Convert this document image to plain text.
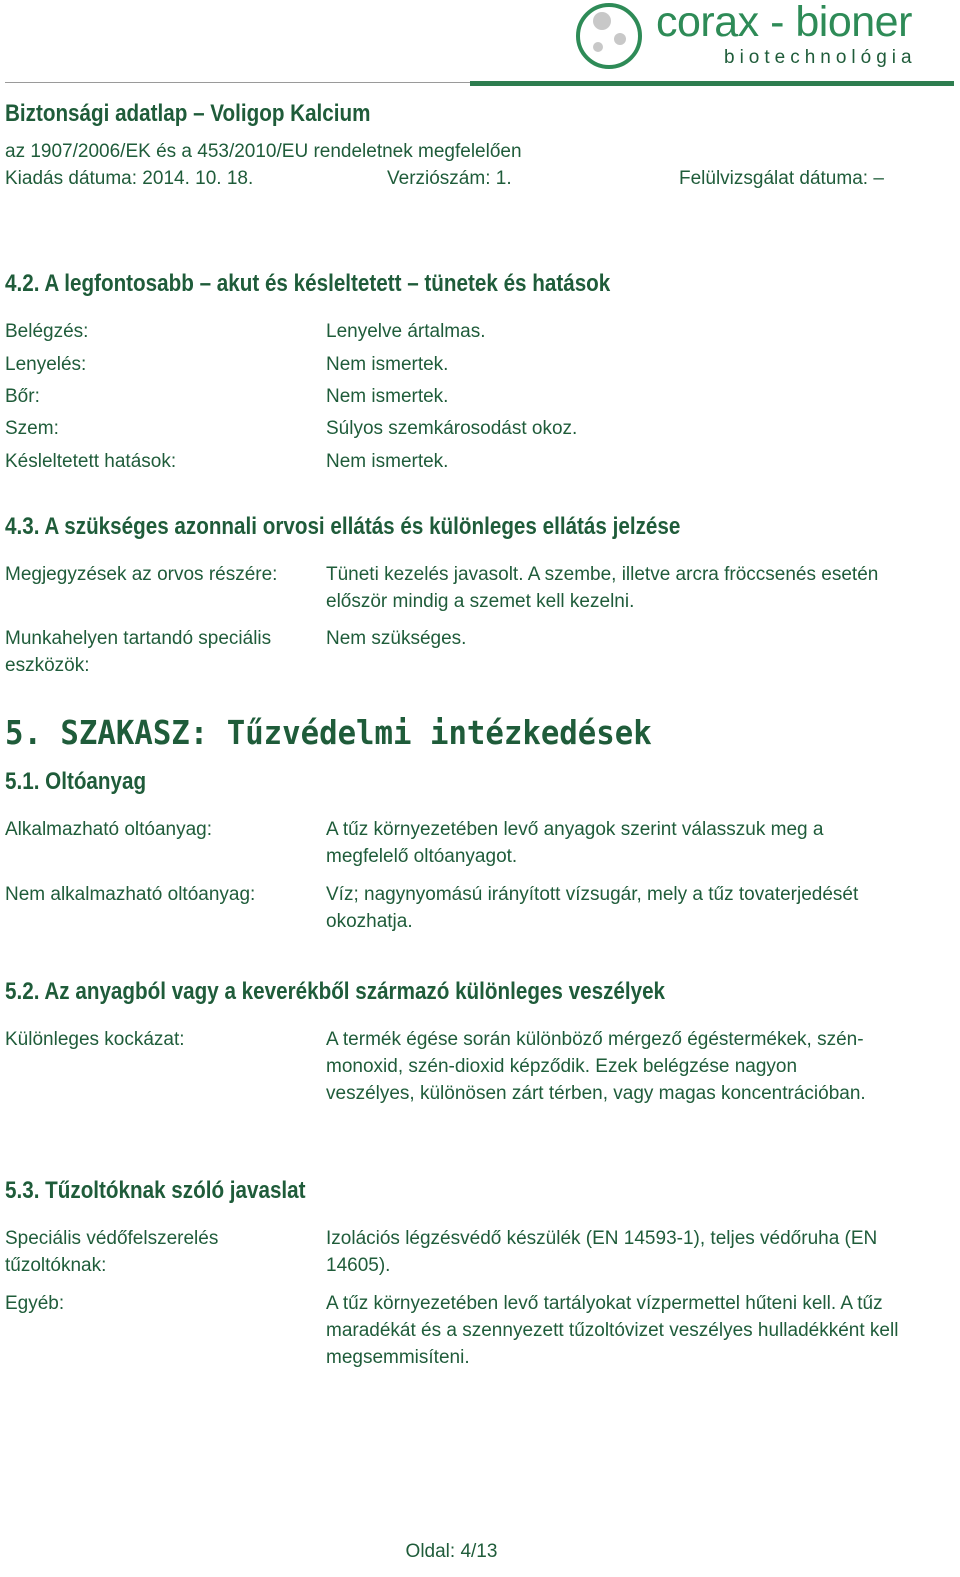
corax - bioner
biotechnológia
Biztonsági adatlap – Voligop Kalcium
az 1907/2006/EK és a 453/2010/EU rendeletnek megfelelően
Kiadás dátuma: 2014. 10. 18.	Verziószám: 1.	Felülvizsgálat dátuma: –
4.2. A legfontosabb – akut és késleltetett – tünetek és hatások
Belégzés:	Lenyelve ártalmas.
Lenyelés:	Nem ismertek.
Bőr:	Nem ismertek.
Szem:	Súlyos szemkárosodást okoz.
Késleltetett hatások:	Nem ismertek.
4.3. A szükséges azonnali orvosi ellátás és különleges ellátás jelzése
Megjegyzések az orvos részére:	Tüneti kezelés javasolt. A szembe, illetve arcra fröccsenés esetén először mindig a szemet kell kezelni.
Munkahelyen tartandó speciális eszközök:
Nem szükséges.
5. SZAKASZ: Tűzvédelmi intézkedések
5.1. Oltóanyag
Alkalmazható oltóanyag:	A tűz környezetében levő anyagok szerint válasszuk meg a megfelelő oltóanyagot.
Nem alkalmazható oltóanyag:	Víz; nagynyomású irányított vízsugár, mely a tűz tovaterjedését okozhatja.
5.2. Az anyagból vagy a keverékből származó különleges veszélyek
Különleges kockázat:	A termék égése során különböző mérgező égéstermékek, szén-monoxid, szén-dioxid képződik. Ezek belégzése nagyon veszélyes, különösen zárt térben, vagy magas koncentrációban.
5.3. Tűzoltóknak szóló javaslat
Speciális védőfelszerelés tűzoltóknak:
Izolációs légzésvédő készülék (EN 14593-1), teljes védőruha (EN 14605).
Egyéb:	A tűz környezetében levő tartályokat vízpermettel hűteni kell. A tűz maradékát és a szennyezett tűzoltóvizet veszélyes hulladékként kell megsemmisíteni.
Oldal: 4/13
